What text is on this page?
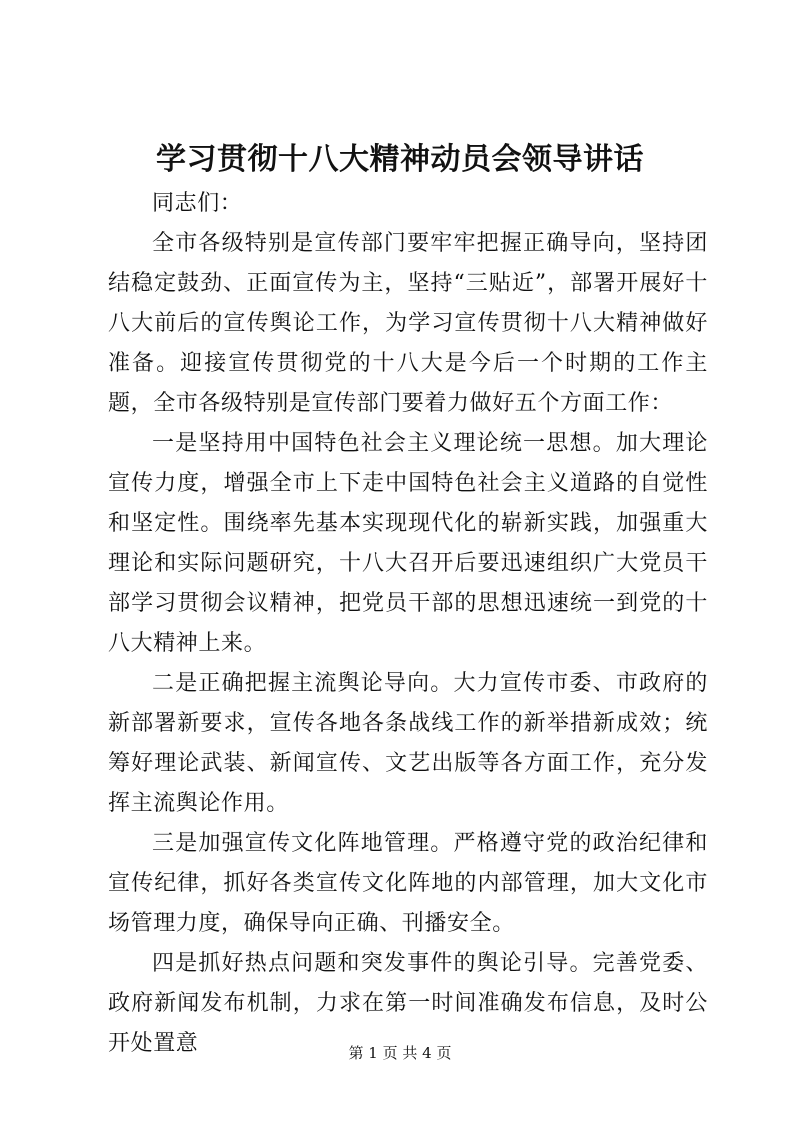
学习贯彻十八大精神动员会领导讲话

同志们：

全市各级特别是宣传部门要牢牢把握正确导向，坚持团结稳定鼓劲、正面宣传为主，坚持“三贴近”，部署开展好十八大前后的宣传舆论工作，为学习宣传贯彻十八大精神做好准备。迎接宣传贯彻党的十八大是今后一个时期的工作主题，全市各级特别是宣传部门要着力做好五个方面工作：

一是坚持用中国特色社会主义理论统一思想。加大理论宣传力度，增强全市上下走中国特色社会主义道路的自觉性和坚定性。围绕率先基本实现现代化的崭新实践，加强重大理论和实际问题研究，十八大召开后要迅速组织广大党员干部学习贯彻会议精神，把党员干部的思想迅速统一到党的十八大精神上来。

二是正确把握主流舆论导向。大力宣传市委、市政府的新部署新要求，宣传各地各条战线工作的新举措新成效；统筹好理论武装、新闻宣传、文艺出版等各方面工作，充分发挥主流舆论作用。

三是加强宣传文化阵地管理。严格遵守党的政治纪律和宣传纪律，抓好各类宣传文化阵地的内部管理，加大文化市场管理力度，确保导向正确、刊播安全。

四是抓好热点问题和突发事件的舆论引导。完善党委、政府新闻发布机制，力求在第一时间准确发布信息，及时公开处置意	第 1 页 共 4 页
